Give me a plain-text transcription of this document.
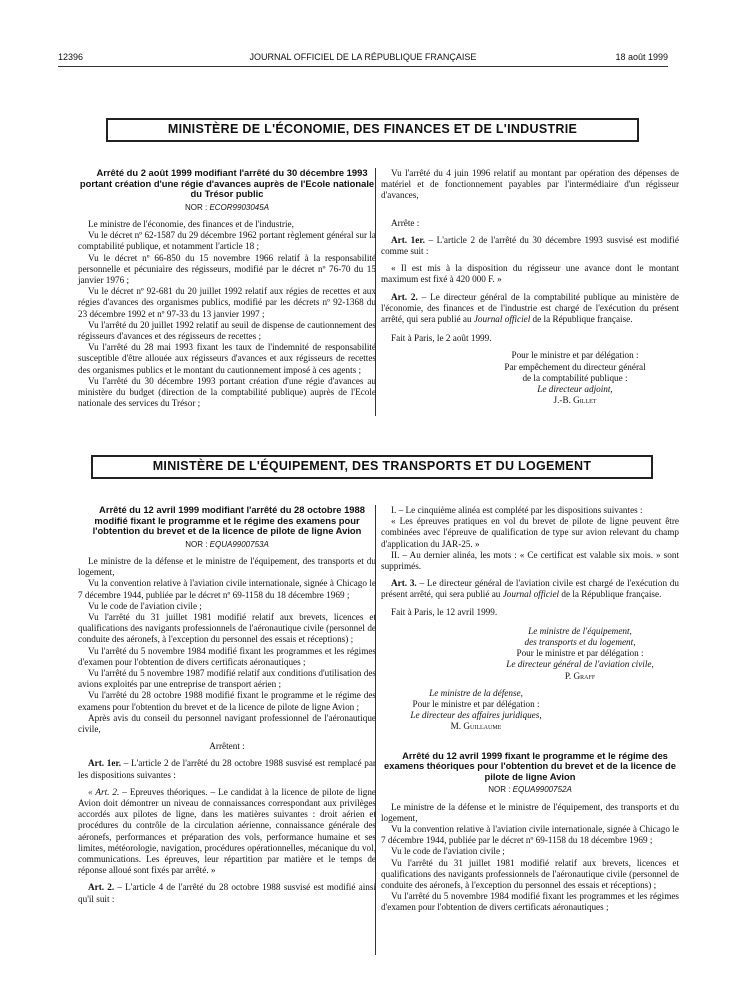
12396	JOURNAL OFFICIEL DE LA RÉPUBLIQUE FRANÇAISE	18 août 1999
MINISTÈRE DE L'ÉCONOMIE, DES FINANCES ET DE L'INDUSTRIE

Arrêté du 2 août 1999 modifiant l'arrêté du 30 décembre 1993 portant création d'une régie d'avances auprès de l'Ecole nationale du Trésor public

NOR : ECOR9903045A

Le ministre de l'économie, des finances et de l'industrie,

Vu le décret nº 62-1587 du 29 décembre 1962 portant règlement général sur la comptabilité publique, et notamment l'article 18 ;

Vu le décret nº 66-850 du 15 novembre 1966 relatif à la responsabilité personnelle et pécuniaire des régisseurs, modifié par le décret nº 76-70 du 15 janvier 1976 ;

Vu le décret nº 92-681 du 20 juillet 1992 relatif aux régies de recettes et aux régies d'avances des organismes publics, modifié par les décrets nº 92-1368 du 23 décembre 1992 et nº 97-33 du 13 janvier 1997 ;

Vu l'arrêté du 20 juillet 1992 relatif au seuil de dispense de cautionnement des régisseurs d'avances et des régisseurs de recettes ;

Vu l'arrêté du 28 mai 1993 fixant les taux de l'indemnité de responsabilité susceptible d'être allouée aux régisseurs d'avances et aux régisseurs de recettes des organismes publics et le montant du cautionnement imposé à ces agents ;

Vu l'arrêté du 30 décembre 1993 portant création d'une régie d'avances au ministère du budget (direction de la comptabilité publique) auprès de l'Ecole nationale des services du Trésor ;

Vu l'arrêté du 4 juin 1996 relatif au montant par opération des dépenses de matériel et de fonctionnement payables par l'intermédiaire d'un régisseur d'avances,

Arrête :

Art. 1er. – L'article 2 de l'arrêté du 30 décembre 1993 susvisé est modifié comme suit :

« Il est mis à la disposition du régisseur une avance dont le montant maximum est fixé à 420 000 F. »

Art. 2. – Le directeur général de la comptabilité publique au ministère de l'économie, des finances et de l'industrie est chargé de l'exécution du présent arrêté, qui sera publié au Journal officiel de la République française.

Fait à Paris, le 2 août 1999.

Pour le ministre et par délégation :
Par empêchement du directeur général
de la comptabilité publique :
Le directeur adjoint,
J.-B. Gillet
MINISTÈRE DE L'ÉQUIPEMENT, DES TRANSPORTS ET DU LOGEMENT

Arrêté du 12 avril 1999 modifiant l'arrêté du 28 octobre 1988 modifié fixant le programme et le régime des examens pour l'obtention du brevet et de la licence de pilote de ligne Avion

NOR : EQUA9900753A

Le ministre de la défense et le ministre de l'équipement, des transports et du logement,

Vu la convention relative à l'aviation civile internationale, signée à Chicago le 7 décembre 1944, publiée par le décret nº 69-1158 du 18 décembre 1969 ;

Vu le code de l'aviation civile ;

Vu l'arrêté du 31 juillet 1981 modifié relatif aux brevets, licences et qualifications des navigants professionnels de l'aéronautique civile (personnel de conduite des aéronefs, à l'exception du personnel des essais et réceptions) ;

Vu l'arrêté du 5 novembre 1984 modifié fixant les programmes et les régimes d'examen pour l'obtention de divers certificats aéronautiques ;

Vu l'arrêté du 5 novembre 1987 modifié relatif aux conditions d'utilisation des avions exploités par une entreprise de transport aérien ;

Vu l'arrêté du 28 octobre 1988 modifié fixant le programme et le régime des examens pour l'obtention du brevet et de la licence de pilote de ligne Avion ;

Après avis du conseil du personnel navigant professionnel de l'aéronautique civile,

Arrêtent :

Art. 1er. – L'article 2 de l'arrêté du 28 octobre 1988 susvisé est remplacé par les dispositions suivantes :

« Art. 2. – Epreuves théoriques. – Le candidat à la licence de pilote de ligne Avion doit démontrer un niveau de connaissances correspondant aux privilèges accordés aux pilotes de ligne, dans les matières suivantes : droit aérien et procédures du contrôle de la circulation aérienne, connaissance générale des aéronefs, performances et préparation des vols, performance humaine et ses limites, météorologie, navigation, procédures opérationnelles, mécanique du vol, communications. Les épreuves, leur répartition par matière et le temps de réponse alloué sont fixés par arrêté. »

Art. 2. – L'article 4 de l'arrêté du 28 octobre 1988 susvisé est modifié ainsi qu'il suit :

I. – Le cinquième alinéa est complété par les dispositions suivantes :

« Les épreuves pratiques en vol du brevet de pilote de ligne peuvent être combinées avec l'épreuve de qualification de type sur avion relevant du champ d'application du JAR-25. »

II. – Au dernier alinéa, les mots : « Ce certificat est valable six mois. » sont supprimés.

Art. 3. – Le directeur général de l'aviation civile est chargé de l'exécution du présent arrêté, qui sera publié au Journal officiel de la République française.

Fait à Paris, le 12 avril 1999.

Le ministre de l'équipement,
des transports et du logement,
Pour le ministre et par délégation :
Le directeur général de l'aviation civile,
P. Graff
Le ministre de la défense,
Pour le ministre et par délégation :
Le directeur des affaires juridiques,
M. Guillaume

Arrêté du 12 avril 1999 fixant le programme et le régime des examens théoriques pour l'obtention du brevet et de la licence de pilote de ligne Avion

NOR : EQUA9900752A

Le ministre de la défense et le ministre de l'équipement, des transports et du logement,

Vu la convention relative à l'aviation civile internationale, signée à Chicago le 7 décembre 1944, publiée par le décret nº 69-1158 du 18 décembre 1969 ;

Vu le code de l'aviation civile ;

Vu l'arrêté du 31 juillet 1981 modifié relatif aux brevets, licences et qualifications des navigants professionnels de l'aéronautique civile (personnel de conduite des aéronefs, à l'exception du personnel des essais et réceptions) ;

Vu l'arrêté du 5 novembre 1984 modifié fixant les programmes et les régimes d'examen pour l'obtention de divers certificats aéronautiques ;
